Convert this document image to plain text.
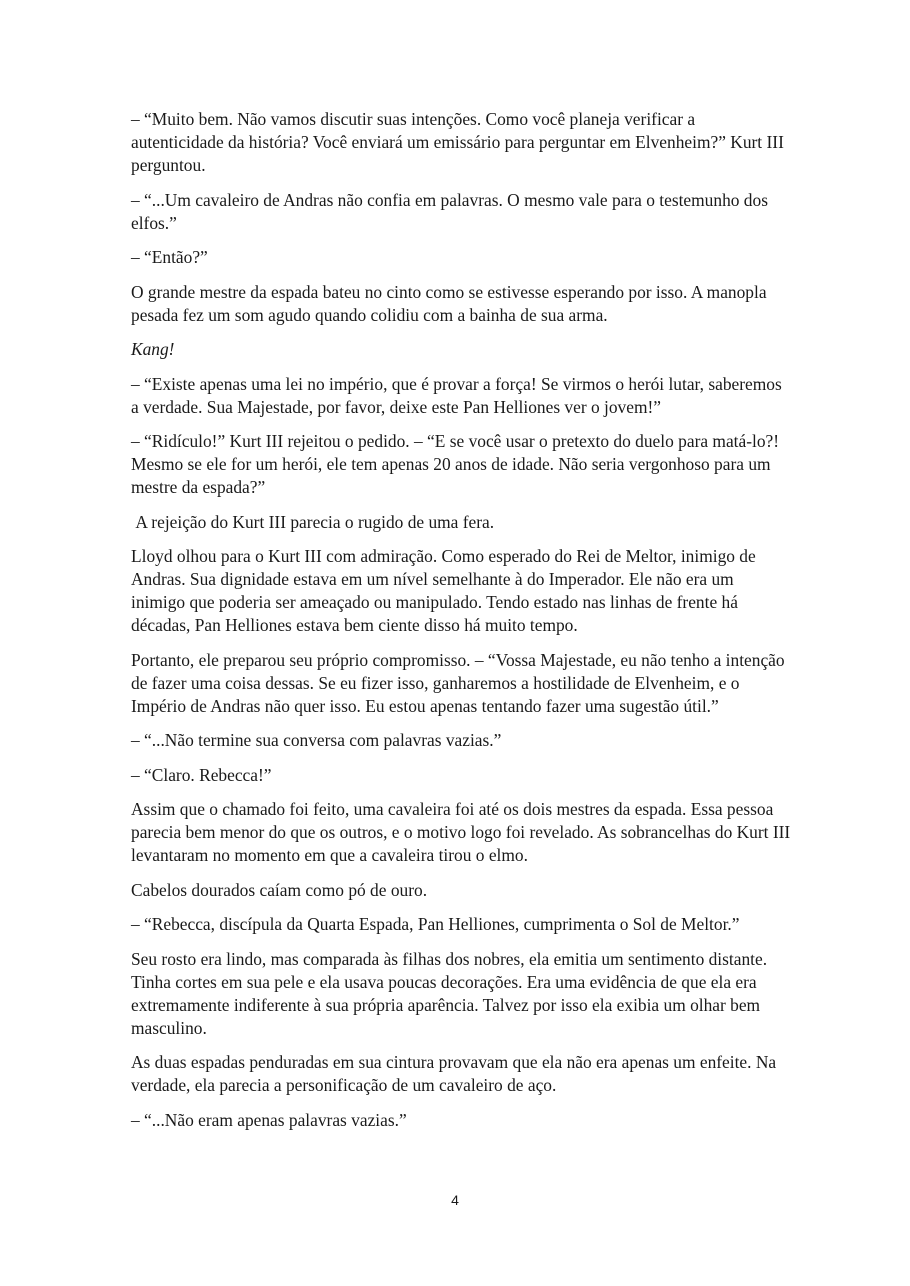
– “Muito bem. Não vamos discutir suas intenções. Como você planeja verificar a autenticidade da história? Você enviará um emissário para perguntar em Elvenheim?” Kurt III perguntou.

– “...Um cavaleiro de Andras não confia em palavras. O mesmo vale para o testemunho dos elfos.”

– “Então?”

O grande mestre da espada bateu no cinto como se estivesse esperando por isso. A manopla pesada fez um som agudo quando colidiu com a bainha de sua arma.

Kang!

– “Existe apenas uma lei no império, que é provar a força! Se virmos o herói lutar, saberemos a verdade. Sua Majestade, por favor, deixe este Pan Helliones ver o jovem!”

– “Ridículo!” Kurt III rejeitou o pedido. – “E se você usar o pretexto do duelo para matá-lo?! Mesmo se ele for um herói, ele tem apenas 20 anos de idade. Não seria vergonhoso para um mestre da espada?”

A rejeição do Kurt III parecia o rugido de uma fera.

Lloyd olhou para o Kurt III com admiração. Como esperado do Rei de Meltor, inimigo de Andras. Sua dignidade estava em um nível semelhante à do Imperador. Ele não era um inimigo que poderia ser ameaçado ou manipulado. Tendo estado nas linhas de frente há décadas, Pan Helliones estava bem ciente disso há muito tempo.

Portanto, ele preparou seu próprio compromisso. – “Vossa Majestade, eu não tenho a intenção de fazer uma coisa dessas. Se eu fizer isso, ganharemos a hostilidade de Elvenheim, e o Império de Andras não quer isso. Eu estou apenas tentando fazer uma sugestão útil.”

– “...Não termine sua conversa com palavras vazias.”

– “Claro. Rebecca!”

Assim que o chamado foi feito, uma cavaleira foi até os dois mestres da espada. Essa pessoa parecia bem menor do que os outros, e o motivo logo foi revelado. As sobrancelhas do Kurt III levantaram no momento em que a cavaleira tirou o elmo.

Cabelos dourados caíam como pó de ouro.

– “Rebecca, discípula da Quarta Espada, Pan Helliones, cumprimenta o Sol de Meltor.”

Seu rosto era lindo, mas comparada às filhas dos nobres, ela emitia um sentimento distante. Tinha cortes em sua pele e ela usava poucas decorações. Era uma evidência de que ela era extremamente indiferente à sua própria aparência. Talvez por isso ela exibia um olhar bem masculino.

As duas espadas penduradas em sua cintura provavam que ela não era apenas um enfeite. Na verdade, ela parecia a personificação de um cavaleiro de aço.

– “...Não eram apenas palavras vazias.”

4
